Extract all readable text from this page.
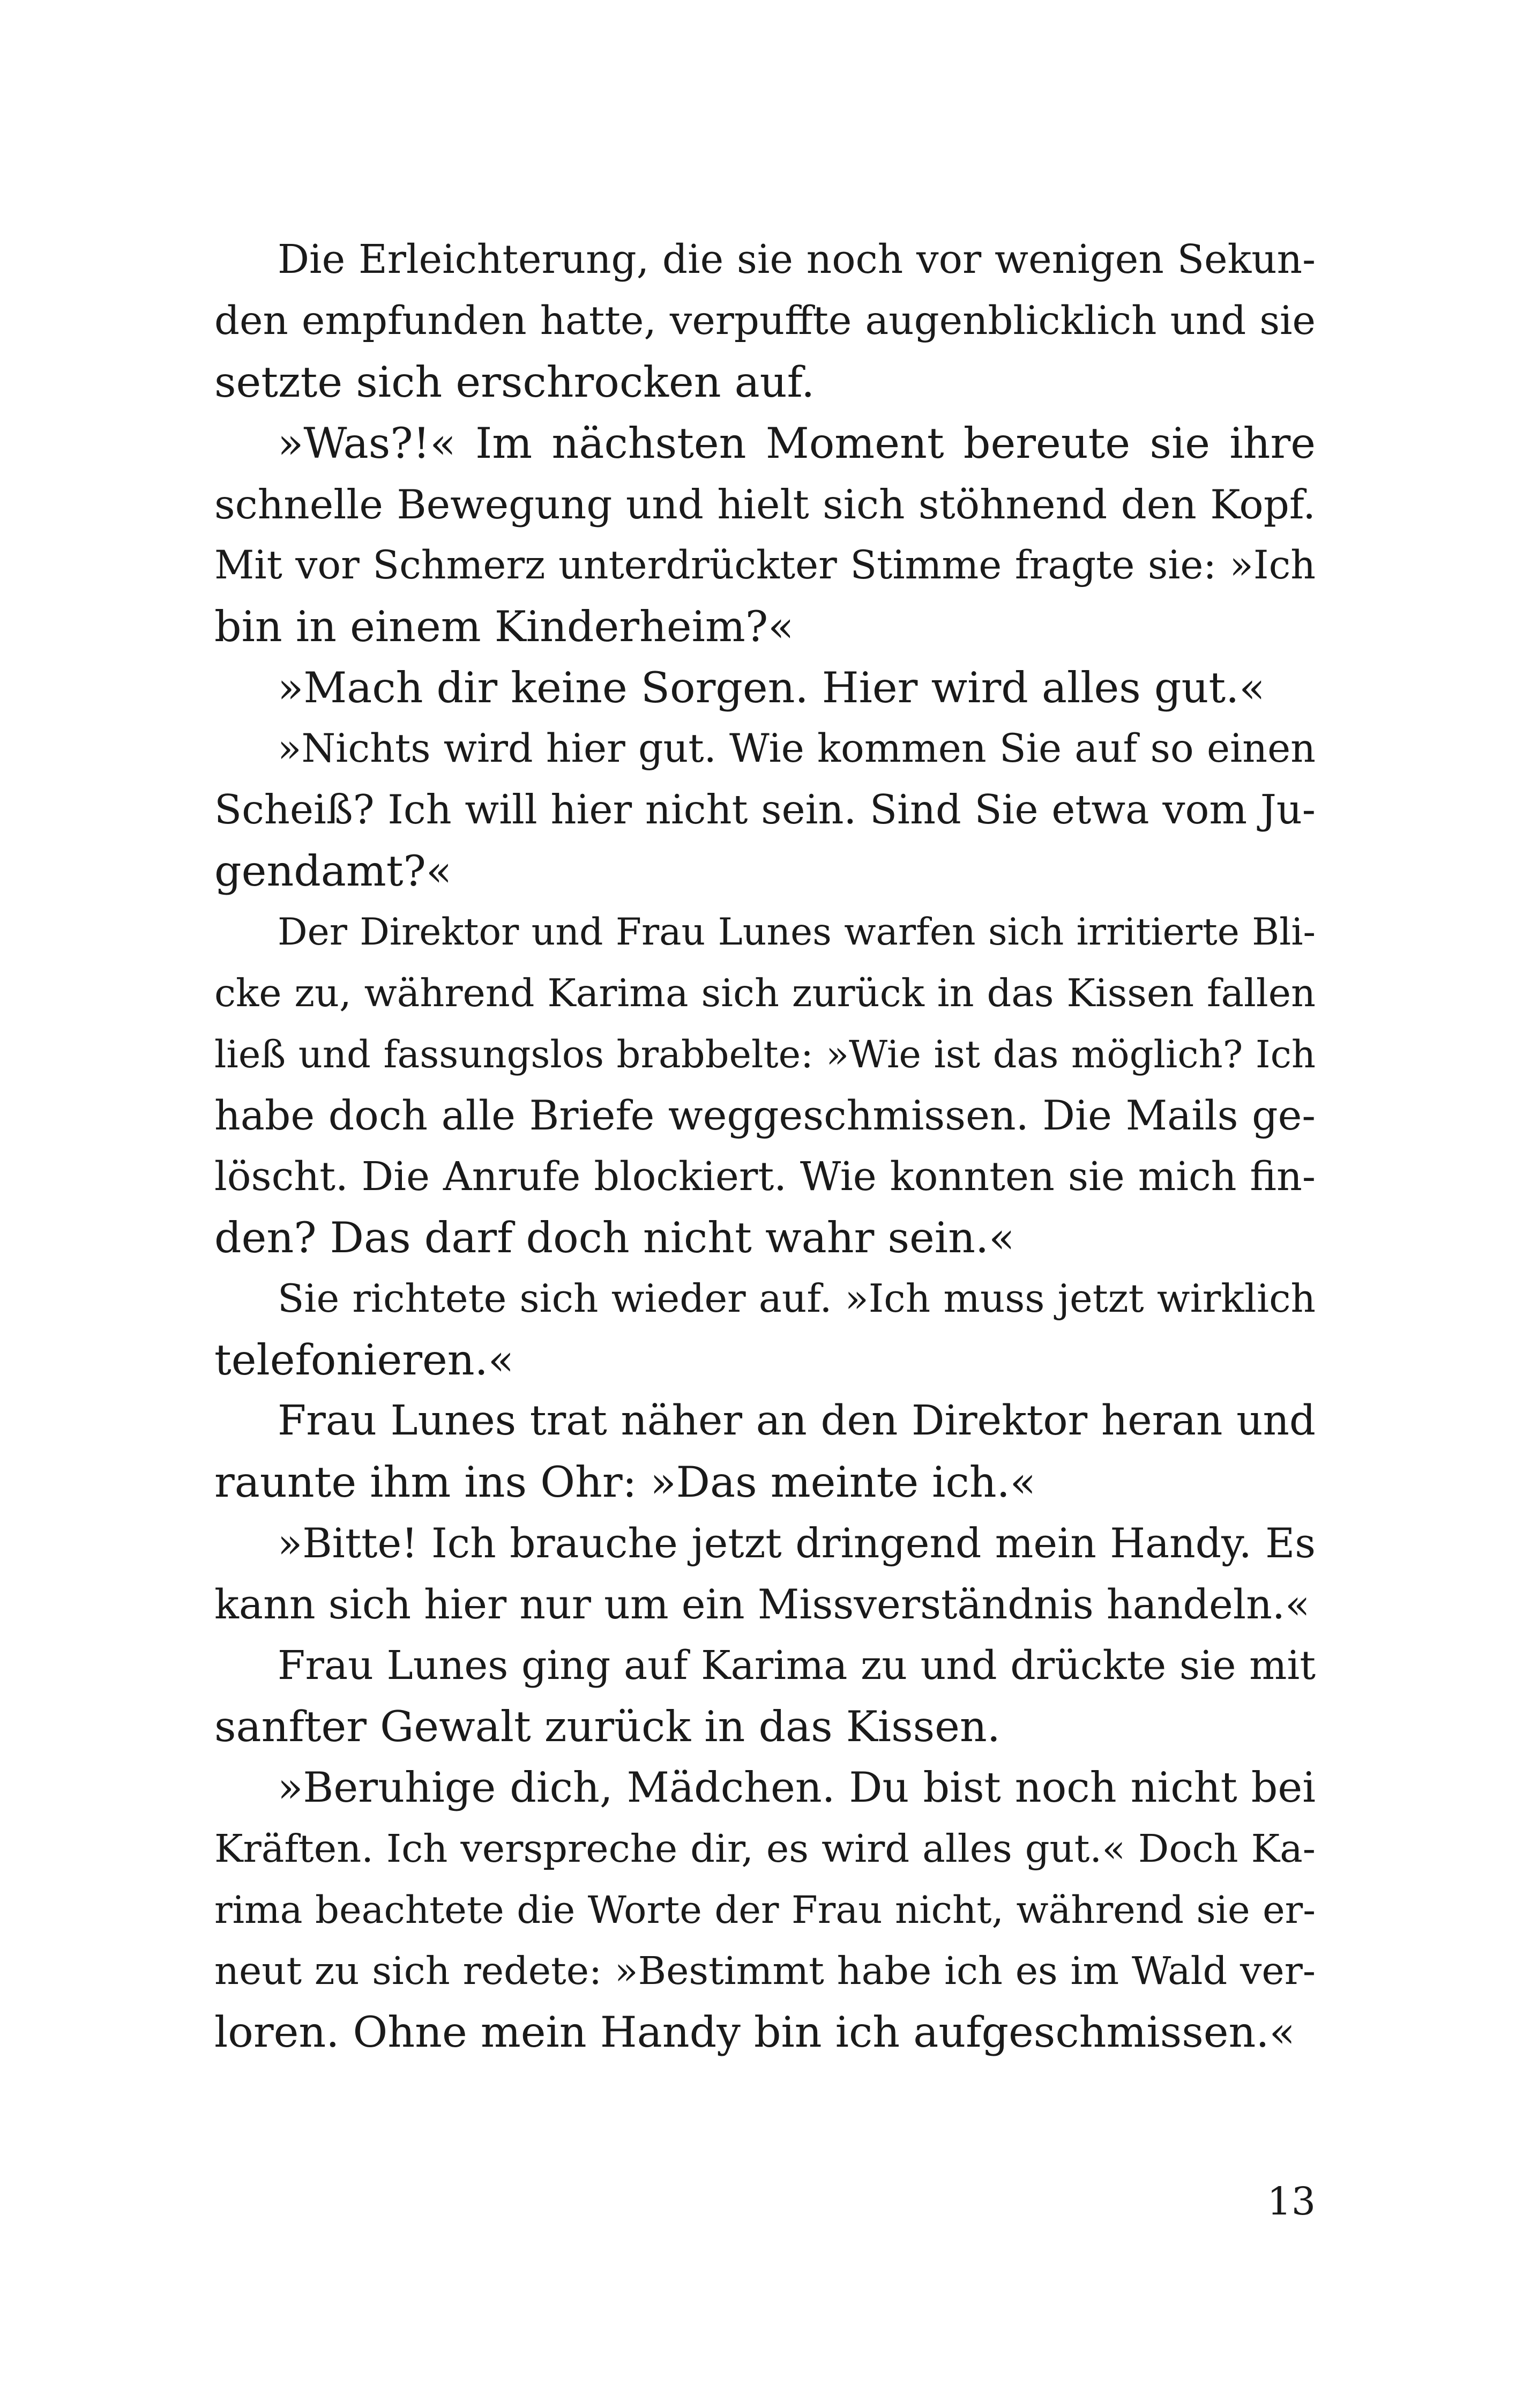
Die Erleichterung, die sie noch vor wenigen Sekun-
den empfunden hatte, verpuffte augenblicklich und sie
setzte sich erschrocken auf.
»Was?!« Im nächsten Moment bereute sie ihre
schnelle Bewegung und hielt sich stöhnend den Kopf.
Mit vor Schmerz unterdrückter Stimme fragte sie: »Ich
bin in einem Kinderheim?«
»Mach dir keine Sorgen. Hier wird alles gut.«
»Nichts wird hier gut. Wie kommen Sie auf so einen
Scheiß? Ich will hier nicht sein. Sind Sie etwa vom Ju-
gendamt?«
Der Direktor und Frau Lunes warfen sich irritierte Bli-
cke zu, während Karima sich zurück in das Kissen fallen
ließ und fassungslos brabbelte: »Wie ist das möglich? Ich
habe doch alle Briefe weggeschmissen. Die Mails ge-
löscht. Die Anrufe blockiert. Wie konnten sie mich fin-
den? Das darf doch nicht wahr sein.«
Sie richtete sich wieder auf. »Ich muss jetzt wirklich
telefonieren.«
Frau Lunes trat näher an den Direktor heran und
raunte ihm ins Ohr: »Das meinte ich.«
»Bitte! Ich brauche jetzt dringend mein Handy. Es
kann sich hier nur um ein Missverständnis handeln.«
Frau Lunes ging auf Karima zu und drückte sie mit
sanfter Gewalt zurück in das Kissen.
»Beruhige dich, Mädchen. Du bist noch nicht bei
Kräften. Ich verspreche dir, es wird alles gut.« Doch Ka-
rima beachtete die Worte der Frau nicht, während sie er-
neut zu sich redete: »Bestimmt habe ich es im Wald ver-
loren. Ohne mein Handy bin ich aufgeschmissen.«
13
